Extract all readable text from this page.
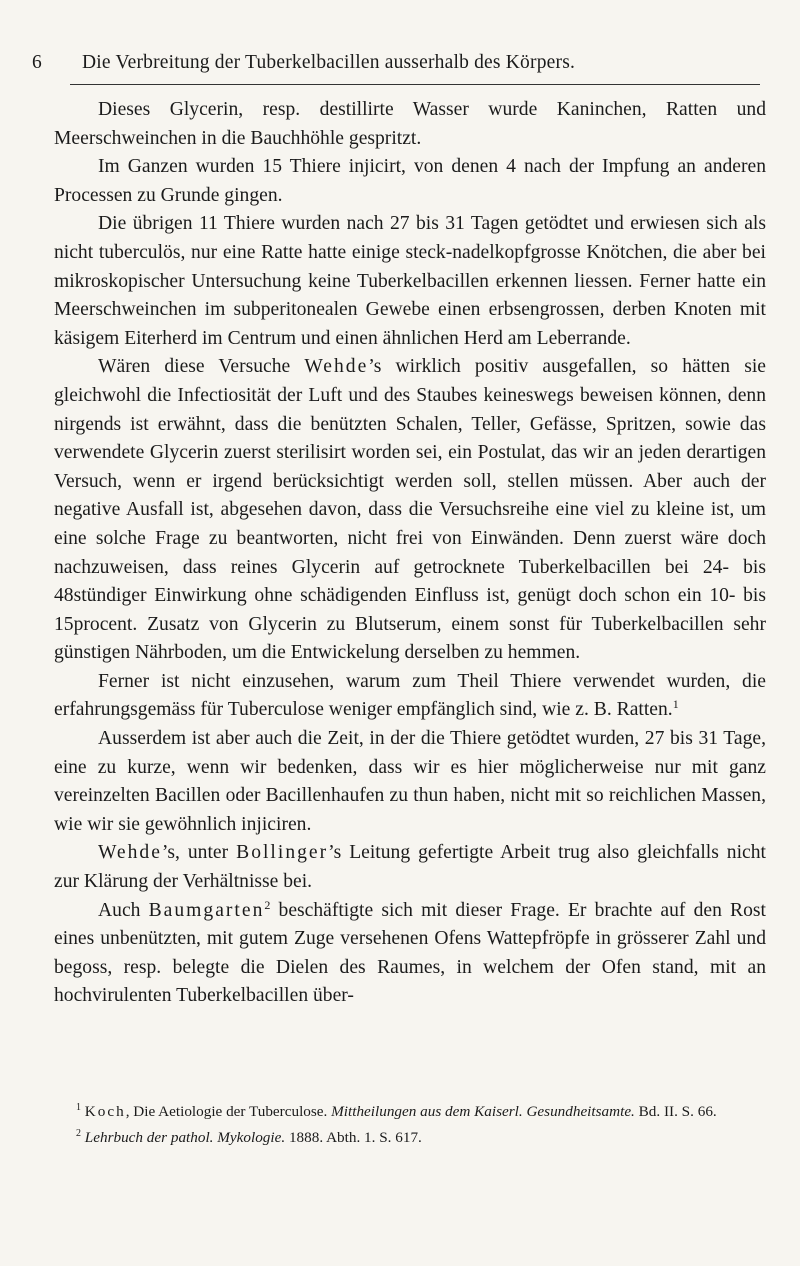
6	Die Verbreitung der Tuberkelbacillen ausserhalb des Körpers.

Dieses Glycerin, resp. destillirte Wasser wurde Kaninchen, Ratten und Meerschweinchen in die Bauchhöhle gespritzt.

Im Ganzen wurden 15 Thiere injicirt, von denen 4 nach der Impfung an anderen Processen zu Grunde gingen.

Die übrigen 11 Thiere wurden nach 27 bis 31 Tagen getödtet und erwiesen sich als nicht tuberculös, nur eine Ratte hatte einige steck-nadelkopfgrosse Knötchen, die aber bei mikroskopischer Untersuchung keine Tuberkelbacillen erkennen liessen. Ferner hatte ein Meerschweinchen im subperitonealen Gewebe einen erbsengrossen, derben Knoten mit käsigem Eiterherd im Centrum und einen ähnlichen Herd am Leberrande.

Wären diese Versuche Wehde’s wirklich positiv ausgefallen, so hätten sie gleichwohl die Infectiosität der Luft und des Staubes keineswegs beweisen können, denn nirgends ist erwähnt, dass die benützten Schalen, Teller, Gefässe, Spritzen, sowie das verwendete Glycerin zuerst sterilisirt worden sei, ein Postulat, das wir an jeden derartigen Versuch, wenn er irgend berücksichtigt werden soll, stellen müssen. Aber auch der negative Ausfall ist, abgesehen davon, dass die Versuchsreihe eine viel zu kleine ist, um eine solche Frage zu beantworten, nicht frei von Einwänden. Denn zuerst wäre doch nachzuweisen, dass reines Glycerin auf getrocknete Tuberkelbacillen bei 24- bis 48stündiger Einwirkung ohne schädigenden Einfluss ist, genügt doch schon ein 10- bis 15procent. Zusatz von Glycerin zu Blutserum, einem sonst für Tuberkelbacillen sehr günstigen Nährboden, um die Entwickelung derselben zu hemmen.

Ferner ist nicht einzusehen, warum zum Theil Thiere verwendet wurden, die erfahrungsgemäss für Tuberculose weniger empfänglich sind, wie z. B. Ratten.$^1$

Ausserdem ist aber auch die Zeit, in der die Thiere getödtet wurden, 27 bis 31 Tage, eine zu kurze, wenn wir bedenken, dass wir es hier möglicherweise nur mit ganz vereinzelten Bacillen oder Bacillenhaufen zu thun haben, nicht mit so reichlichen Massen, wie wir sie gewöhnlich injiciren.

Wehde’s, unter Bollinger’s Leitung gefertigte Arbeit trug also gleichfalls nicht zur Klärung der Verhältnisse bei.

Auch Baumgarten$^2$ beschäftigte sich mit dieser Frage. Er brachte auf den Rost eines unbenützten, mit gutem Zuge versehenen Ofens Wattepfröpfe in grösserer Zahl und begoss, resp. belegte die Dielen des Raumes, in welchem der Ofen stand, mit an hochvirulenten Tuberkelbacillen über-

$^1$ Koch, Die Aetiologie der Tuberculose. Mittheilungen aus dem Kaiserl. Gesundheitsamte. Bd. II. S. 66.

$^2$ Lehrbuch der pathol. Mykologie. 1888. Abth. 1. S. 617.
